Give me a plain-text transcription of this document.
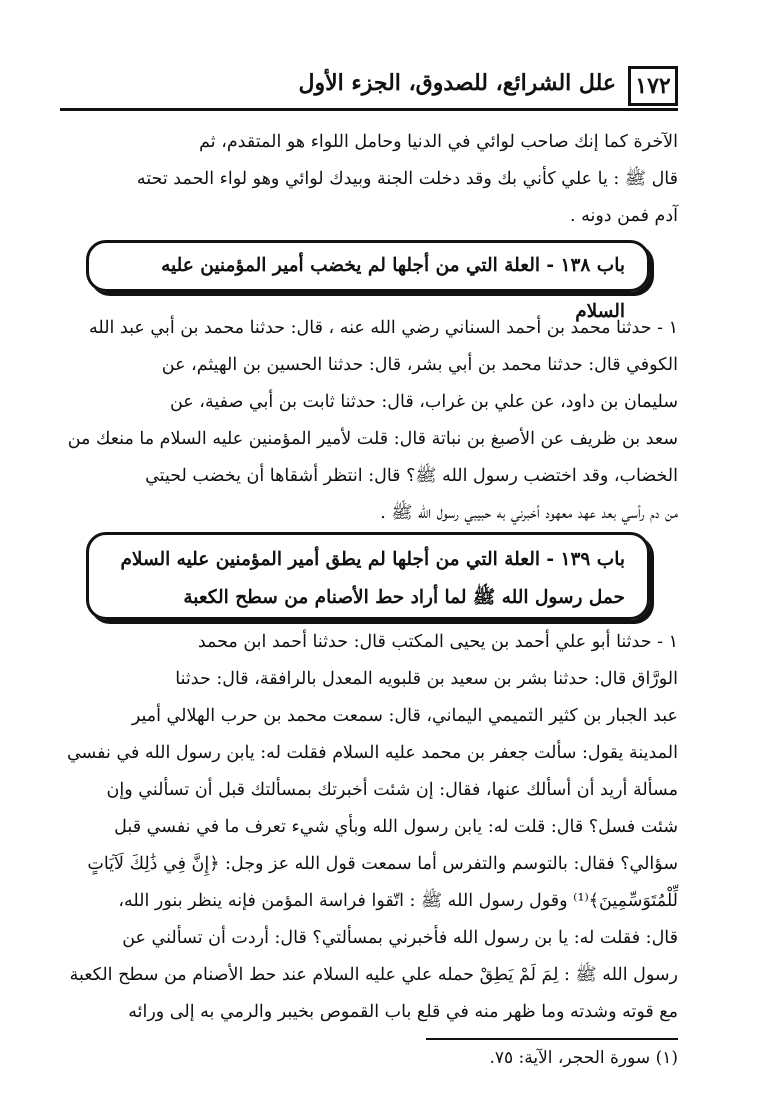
١٧٢
علل الشرائع، للصدوق، الجزء الأول
الآخرة كما إنك صاحب لوائي في الدنيا وحامل اللواء هو المتقدم، ثم
قال ﷺ : يا علي كأني بك وقد دخلت الجنة وبيدك لوائي وهو لواء الحمد تحته
آدم فمن دونه .
باب ١٣٨ - العلة التي من أجلها لم يخضب أمير المؤمنين عليه السلام
١ - حدثنا محمد بن أحمد السناني رضي الله عنه ، قال: حدثنا محمد بن أبي عبد الله
الكوفي قال: حدثنا محمد بن أبي بشر، قال: حدثنا الحسين بن الهيثم، عن
سليمان بن داود، عن علي بن غراب، قال: حدثنا ثابت بن أبي صفية، عن
سعد بن ظريف عن الأصبغ بن نباتة قال: قلت لأمير المؤمنين عليه السلام ما منعك من
الخضاب، وقد اختضب رسول الله ﷺ؟ قال: انتظر أشقاها أن يخضب لحيتي
من دم رأسي بعد عهد معهود أخبرني به حبيبي رسول الله ﷺ .
باب ١٣٩ - العلة التي من أجلها لم يطق أمير المؤمنين عليه السلام
حمل رسول الله ﷺ لما أراد حط الأصنام من سطح الكعبة
١ - حدثنا أبو علي أحمد بن يحيى المكتب قال: حدثنا أحمد ابن محمد
الورَّاق قال: حدثنا بشر بن سعيد بن قلبويه المعدل بالرافقة، قال: حدثنا
عبد الجبار بن كثير التميمي اليماني، قال: سمعت محمد بن حرب الهلالي أمير
المدينة يقول: سألت جعفر بن محمد عليه السلام فقلت له: يابن رسول الله في نفسي
مسألة أريد أن أسألك عنها، فقال: إن شئت أخبرتك بمسألتك قبل أن تسألني وإن
شئت فسل؟ قال: قلت له: يابن رسول الله وبأي شيء تعرف ما في نفسي قبل
سؤالي؟ فقال: بالتوسم والتفرس أما سمعت قول الله عز وجل: ﴿إِنَّ فِي ذَٰلِكَ لَآيَاتٍ
لِّلْمُتَوَسِّمِينَ﴾⁽¹⁾ وقول رسول الله ﷺ : اتّقوا فراسة المؤمن فإنه ينظر بنور الله،
قال: فقلت له: يا بن رسول الله فأخبرني بمسألتي؟ قال: أردت أن تسألني عن
رسول الله ﷺ : لِمَ لَمْ يَطِقْ حمله علي عليه السلام عند حط الأصنام من سطح الكعبة
مع قوته وشدته وما ظهر منه في قلع باب القموص بخيبر والرمي به إلى ورائه
(١) سورة الحجر، الآية: ٧٥.
